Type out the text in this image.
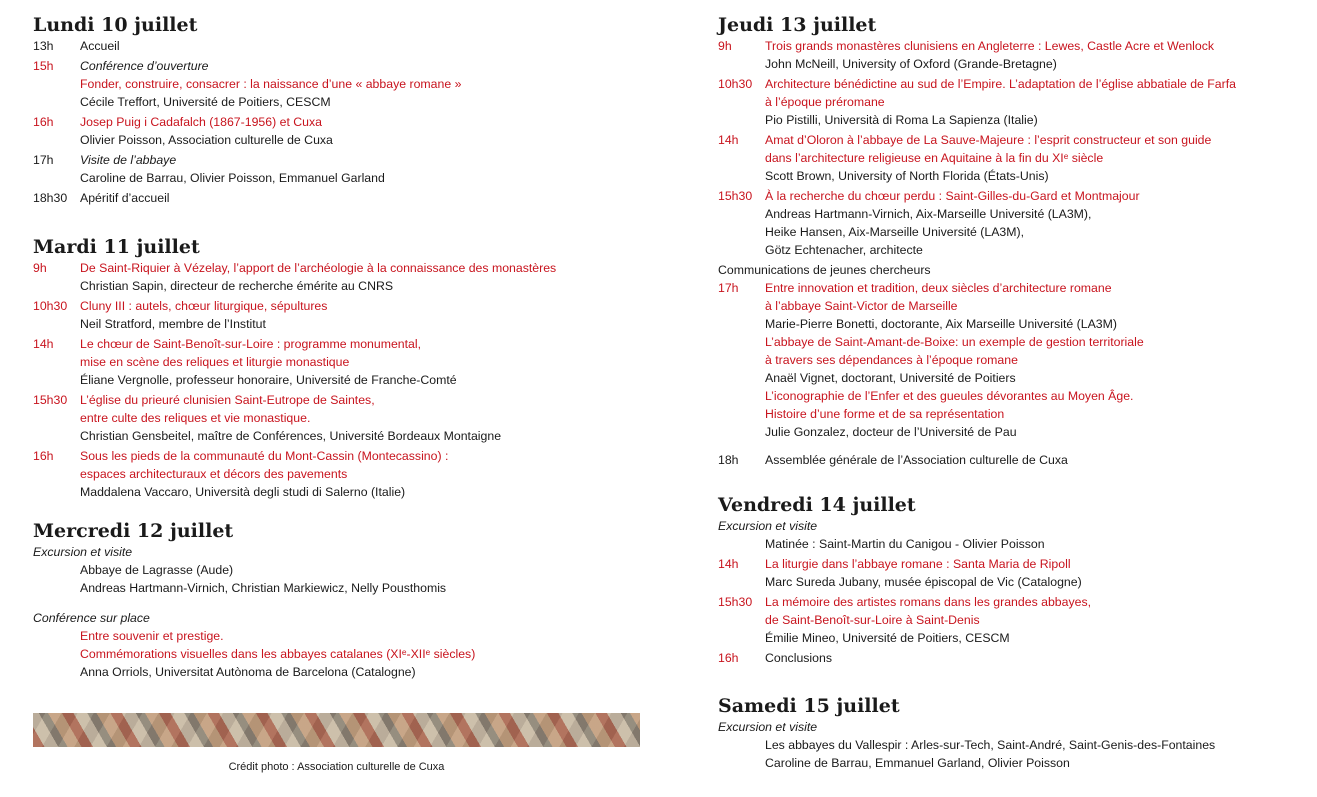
Lundi 10 juillet
13h	Accueil
15h	Conférence d’ouverture
Fonder, construire, consacrer : la naissance d’une « abbaye romane »
Cécile Treffort, Université de Poitiers, CESCM
16h	Josep Puig i Cadafalch (1867-1956) et Cuxa
Olivier Poisson, Association culturelle de Cuxa
17h	Visite de l’abbaye
Caroline de Barrau, Olivier Poisson, Emmanuel Garland
18h30	Apéritif d’accueil
Mardi 11 juillet
9h	De Saint-Riquier à Vézelay, l’apport de l’archéologie à la connaissance des monastères
Christian Sapin, directeur de recherche émérite au CNRS
10h30	Cluny III : autels, chœur liturgique, sépultures
Neil Stratford, membre de l’Institut
14h	Le chœur de Saint-Benoît-sur-Loire : programme monumental,
mise en scène des reliques et liturgie monastique
Éliane Vergnolle, professeur honoraire, Université de Franche-Comté
15h30	L’église du prieuré clunisien Saint-Eutrope de Saintes,
entre culte des reliques et vie monastique.
Christian Gensbeitel, maître de Conférences, Université Bordeaux Montaigne
16h	Sous les pieds de la communauté du Mont-Cassin (Montecassino) :
espaces architecturaux et décors des pavements
Maddalena Vaccaro, Università degli studi di Salerno (Italie)
Mercredi 12 juillet
Excursion et visite
Abbaye de Lagrasse (Aude)
Andreas Hartmann-Virnich, Christian Markiewicz, Nelly Pousthomis
Conférence sur place
Entre souvenir et prestige.
Commémorations visuelles dans les abbayes catalanes (XIᵉ-XIIᵉ siècles)
Anna Orriols, Universitat Autònoma de Barcelona (Catalogne)
Jeudi 13 juillet
9h	Trois grands monastères clunisiens en Angleterre : Lewes, Castle Acre et Wenlock
John McNeill, University of Oxford (Grande-Bretagne)
10h30	Architecture bénédictine au sud de l’Empire. L’adaptation de l’église abbatiale de Farfa
à l’époque préromane
Pio Pistilli, Università di Roma La Sapienza (Italie)
14h	Amat d’Oloron à l’abbaye de La Sauve-Majeure : l’esprit constructeur et son guide
dans l’architecture religieuse en Aquitaine à la fin du XIᵉ siècle
Scott Brown, University of North Florida (États-Unis)
15h30	À la recherche du chœur perdu : Saint-Gilles-du-Gard et Montmajour
Andreas Hartmann-Virnich, Aix-Marseille Université (LA3M),
Heike Hansen, Aix-Marseille Université (LA3M),
Götz Echtenacher, architecte
Communications de jeunes chercheurs
17h	Entre innovation et tradition, deux siècles d’architecture romane
à l’abbaye Saint-Victor de Marseille
Marie-Pierre Bonetti, doctorante, Aix Marseille Université (LA3M)
L’abbaye de Saint-Amant-de-Boixe: un exemple de gestion territoriale
à travers ses dépendances à l’époque romane
Anaël Vignet, doctorant, Université de Poitiers
L’iconographie de l’Enfer et des gueules dévorantes au Moyen Âge.
Histoire d’une forme et de sa représentation
Julie Gonzalez, docteur de l’Université de Pau
18h	Assemblée générale de l’Association culturelle de Cuxa
Vendredi 14 juillet
Excursion et visite
Matinée : Saint-Martin du Canigou - Olivier Poisson
14h	La liturgie dans l’abbaye romane : Santa Maria de Ripoll
Marc Sureda Jubany, musée épiscopal de Vic (Catalogne)
15h30	La mémoire des artistes romans dans les grandes abbayes,
de Saint-Benoît-sur-Loire à Saint-Denis
Émilie Mineo, Université de Poitiers, CESCM
16h	Conclusions
Samedi 15 juillet
Excursion et visite
Les abbayes du Vallespir : Arles-sur-Tech, Saint-André, Saint-Genis-des-Fontaines
Caroline de Barrau, Emmanuel Garland, Olivier Poisson
Crédit photo : Association culturelle de Cuxa
